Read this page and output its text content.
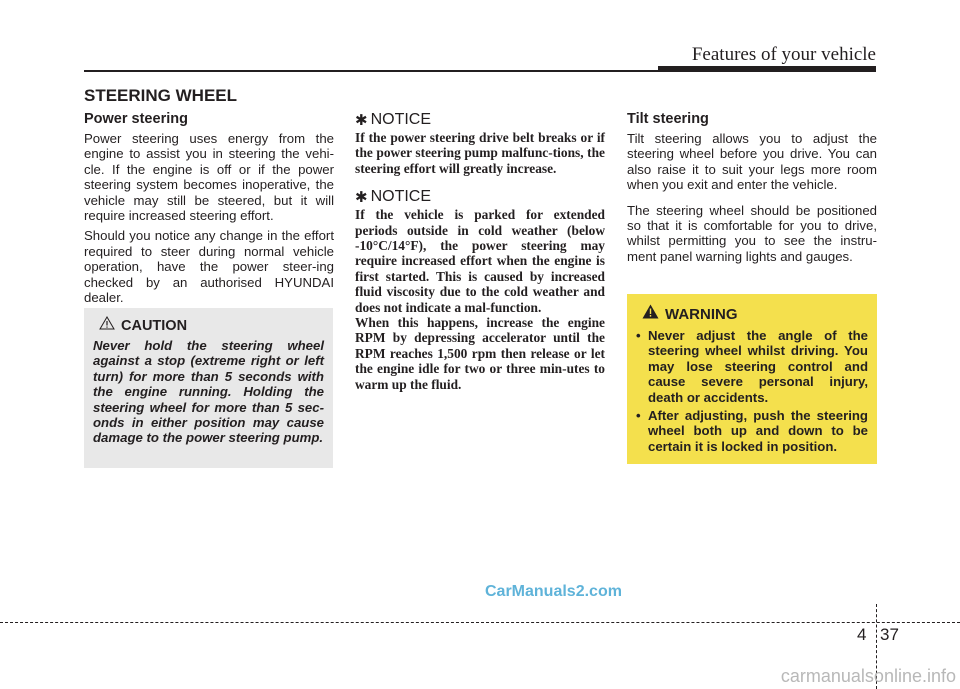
Features of your vehicle
STEERING WHEEL
Power steering

Power steering uses energy from the engine to assist you in steering the vehi-cle. If the engine is off or if the power steering system becomes inoperative, the vehicle may still be steered, but it will require increased steering effort.

Should you notice any change in the effort required to steer during normal vehicle operation, have the power steer-ing checked by an authorised HYUNDAI dealer.

CAUTION

Never hold the steering wheel against a stop (extreme right or left turn) for more than 5 seconds with the engine running. Holding the steering wheel for more than 5 sec-onds in either position may cause damage to the power steering pump.

✱ NOTICE

If the power steering drive belt breaks or if the power steering pump malfunc-tions, the steering effort will greatly increase.

✱ NOTICE

If the vehicle is parked for extended periods outside in cold weather (below -10°C/14°F), the power steering may require increased effort when the engine is first started. This is caused by increased fluid viscosity due to the cold weather and does not indicate a mal-function.

When this happens, increase the engine RPM by depressing accelerator until the RPM reaches 1,500 rpm then release or let the engine idle for two or three min-utes to warm up the fluid.

Tilt steering

Tilt steering allows you to adjust the steering wheel before you drive. You can also raise it to suit your legs more room when you exit and enter the vehicle.

The steering wheel should be positioned so that it is comfortable for you to drive, whilst permitting you to see the instru-ment panel warning lights and gauges.

WARNING
• Never adjust the angle of the steering wheel whilst driving. You may lose steering control and cause severe personal injury, death or accidents.
• After adjusting, push the steering wheel both up and down to be certain it is locked in position.
CarManuals2.com
4 37
carmanualsonline.info
